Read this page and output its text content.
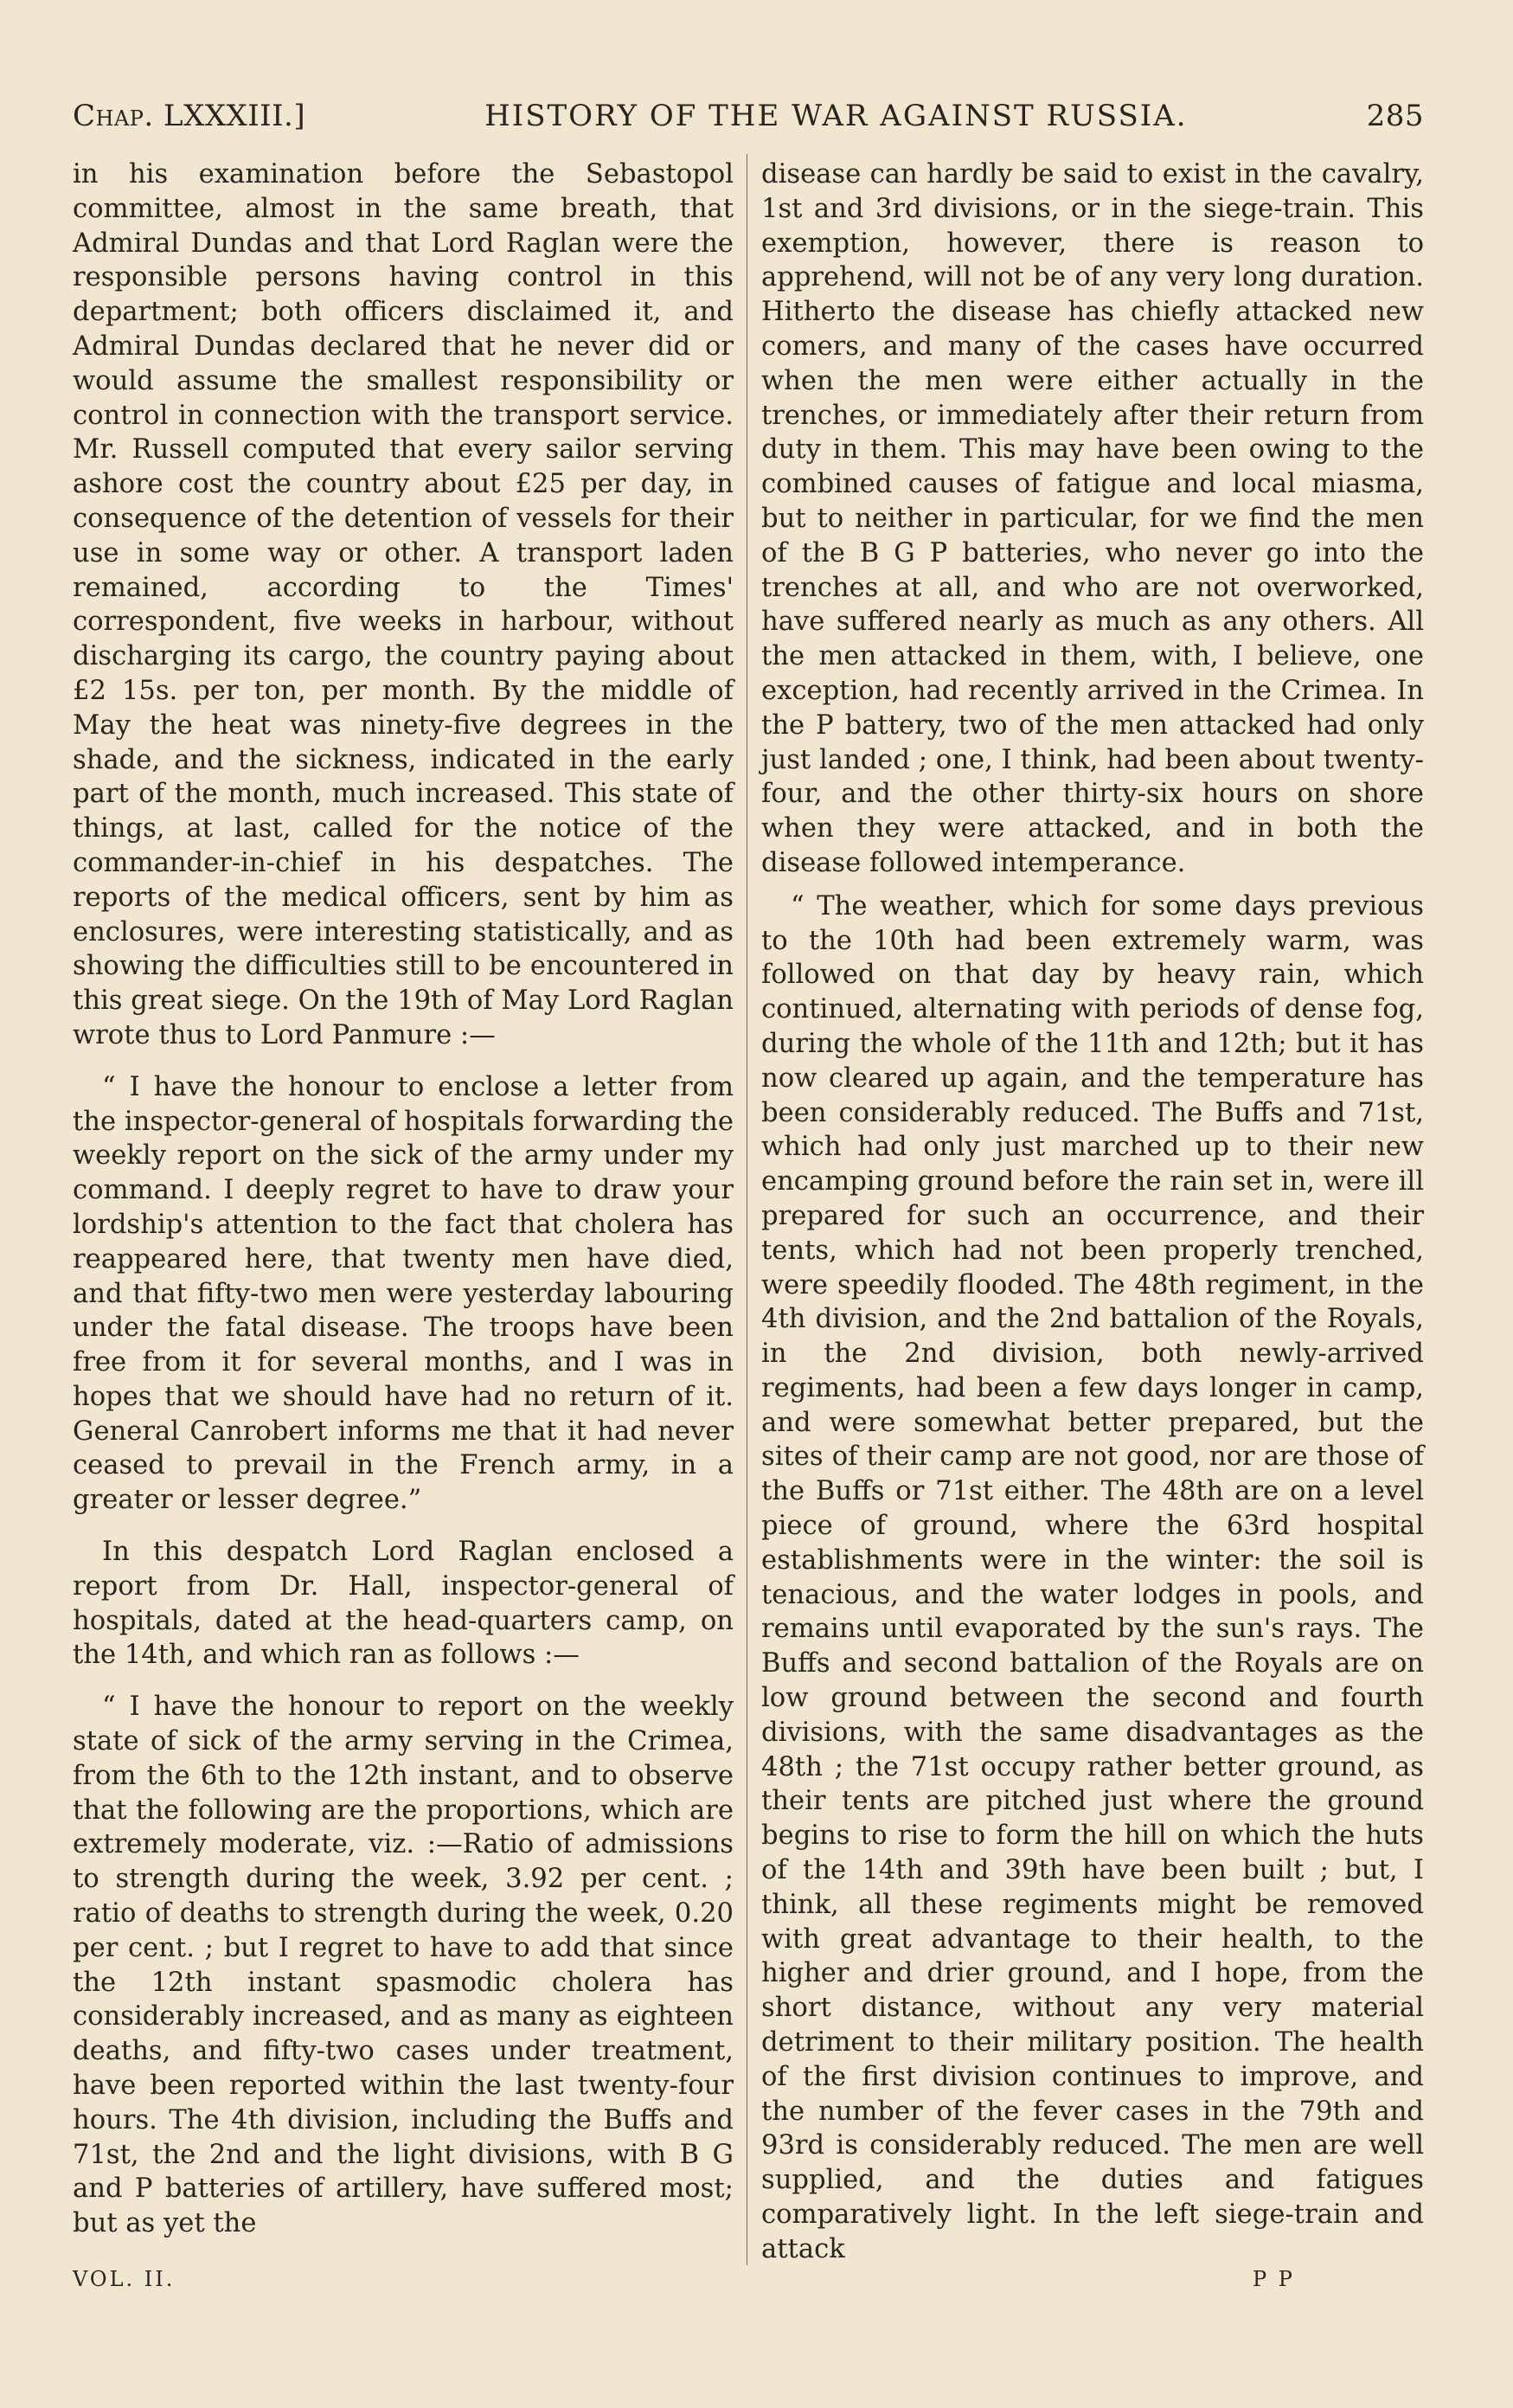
Chap. LXXXIII.]	HISTORY OF THE WAR AGAINST RUSSIA.	285

in his examination before the Sebastopol committee, almost in the same breath, that Admiral Dundas and that Lord Raglan were the responsible persons having control in this department; both officers disclaimed it, and Admiral Dundas declared that he never did or would assume the smallest responsibility or control in connection with the transport service. Mr. Russell computed that every sailor serving ashore cost the country about £25 per day, in consequence of the detention of vessels for their use in some way or other. A transport laden remained, according to the Times' correspondent, five weeks in harbour, without discharging its cargo, the country paying about £2 15s. per ton, per month. By the middle of May the heat was ninety-five degrees in the shade, and the sickness, indicated in the early part of the month, much increased. This state of things, at last, called for the notice of the commander-in-chief in his despatches. The reports of the medical officers, sent by him as enclosures, were interesting statistically, and as showing the difficulties still to be encountered in this great siege. On the 19th of May Lord Raglan wrote thus to Lord Panmure :—

“ I have the honour to enclose a letter from the inspector-general of hospitals forwarding the weekly report on the sick of the army under my command. I deeply regret to have to draw your lordship's attention to the fact that cholera has reappeared here, that twenty men have died, and that fifty-two men were yesterday labouring under the fatal disease. The troops have been free from it for several months, and I was in hopes that we should have had no return of it. General Canrobert informs me that it had never ceased to prevail in the French army, in a greater or lesser degree.”

In this despatch Lord Raglan enclosed a report from Dr. Hall, inspector-general of hospitals, dated at the head-quarters camp, on the 14th, and which ran as follows :—

“ I have the honour to report on the weekly state of sick of the army serving in the Crimea, from the 6th to the 12th instant, and to observe that the following are the proportions, which are extremely moderate, viz. :—Ratio of admissions to strength during the week, 3.92 per cent. ; ratio of deaths to strength during the week, 0.20 per cent. ; but I regret to have to add that since the 12th instant spasmodic cholera has considerably increased, and as many as eighteen deaths, and fifty-two cases under treatment, have been reported within the last twenty-four hours. The 4th division, including the Buffs and 71st, the 2nd and the light divisions, with B G and P batteries of artillery, have suffered most; but as yet the

disease can hardly be said to exist in the cavalry, 1st and 3rd divisions, or in the siege-train. This exemption, however, there is reason to apprehend, will not be of any very long duration. Hitherto the disease has chiefly attacked new comers, and many of the cases have occurred when the men were either actually in the trenches, or immediately after their return from duty in them. This may have been owing to the combined causes of fatigue and local miasma, but to neither in particular, for we find the men of the B G P batteries, who never go into the trenches at all, and who are not overworked, have suffered nearly as much as any others. All the men attacked in them, with, I believe, one exception, had recently arrived in the Crimea. In the P battery, two of the men attacked had only just landed ; one, I think, had been about twenty-four, and the other thirty-six hours on shore when they were attacked, and in both the disease followed intemperance.

“ The weather, which for some days previous to the 10th had been extremely warm, was followed on that day by heavy rain, which continued, alternating with periods of dense fog, during the whole of the 11th and 12th; but it has now cleared up again, and the temperature has been considerably reduced. The Buffs and 71st, which had only just marched up to their new encamping ground before the rain set in, were ill prepared for such an occurrence, and their tents, which had not been properly trenched, were speedily flooded. The 48th regiment, in the 4th division, and the 2nd battalion of the Royals, in the 2nd division, both newly-arrived regiments, had been a few days longer in camp, and were somewhat better prepared, but the sites of their camp are not good, nor are those of the Buffs or 71st either. The 48th are on a level piece of ground, where the 63rd hospital establishments were in the winter: the soil is tenacious, and the water lodges in pools, and remains until evaporated by the sun's rays. The Buffs and second battalion of the Royals are on low ground between the second and fourth divisions, with the same disadvantages as the 48th ; the 71st occupy rather better ground, as their tents are pitched just where the ground begins to rise to form the hill on which the huts of the 14th and 39th have been built ; but, I think, all these regiments might be removed with great advantage to their health, to the higher and drier ground, and I hope, from the short distance, without any very material detriment to their military position. The health of the first division continues to improve, and the number of the fever cases in the 79th and 93rd is considerably reduced. The men are well supplied, and the duties and fatigues comparatively light. In the left siege-train and attack

VOL. II.	P P
